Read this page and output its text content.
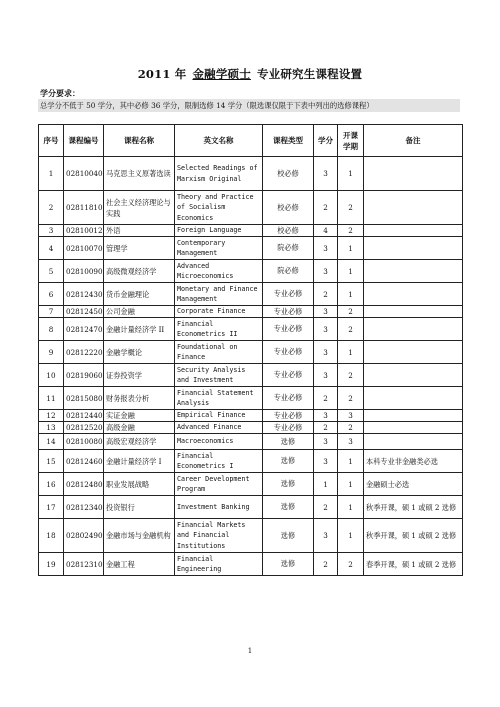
2011 年 金融学硕士 专业研究生课程设置
学分要求：
总学分不低于 50 学分，其中必修 36 学分，限制选修 14 学分（限选课仅限于下表中列出的选修课程）
序号	课程编号	课程名称	英文名称	课程类型	学分	开课学期	备注
1	02810040	马克思主义原著选读	Selected Readings of Marxism Original	校必修	3	1	
2	02811810	社会主义经济理论与实践	Theory and Practice of Socialism Economics	校必修	2	2	
3	02810012	外语	Foreign Language	校必修	4	2	
4	02810070	管理学	Contemporary Management	院必修	3	1	
5	02810090	高级微观经济学	Advanced Microeconomics	院必修	3	1	
6	02812430	货币金融理论	Monetary and Finance Management	专业必修	2	1	
7	02812450	公司金融	Corporate Finance	专业必修	3	2	
8	02812470	金融计量经济学 II	Financial Econometrics II	专业必修	3	2	
9	02812220	金融学概论	Foundational on Finance	专业必修	3	1	
10	02819060	证券投资学	Security Analysis and Investment	专业必修	3	2	
11	02815080	财务报表分析	Financial Statement Analysis	专业必修	2	2	
12	02812440	实证金融	Empirical Finance	专业必修	3	3	
13	02812520	高级金融	Advanced Finance	专业必修	2	2	
14	02810080	高级宏观经济学	Macroeconomics	选修	3	3	
15	02812460	金融计量经济学 I	Financial Econometrics I	选修	3	1	本科专业非金融类必选
16	02812480	职业发展战略	Career Development Program	选修	1	1	金融硕士必选
17	02812340	投资银行	Investment Banking	选修	2	1	秋季开课，硕 1 或硕 2 选修
18	02802490	金融市场与金融机构	Financial Markets and Financial Institutions	选修	3	1	秋季开课，硕 1 或硕 2 选修
19	02812310	金融工程	Financial Engineering	选修	2	2	春季开课，硕 1 或硕 2 选修
1
